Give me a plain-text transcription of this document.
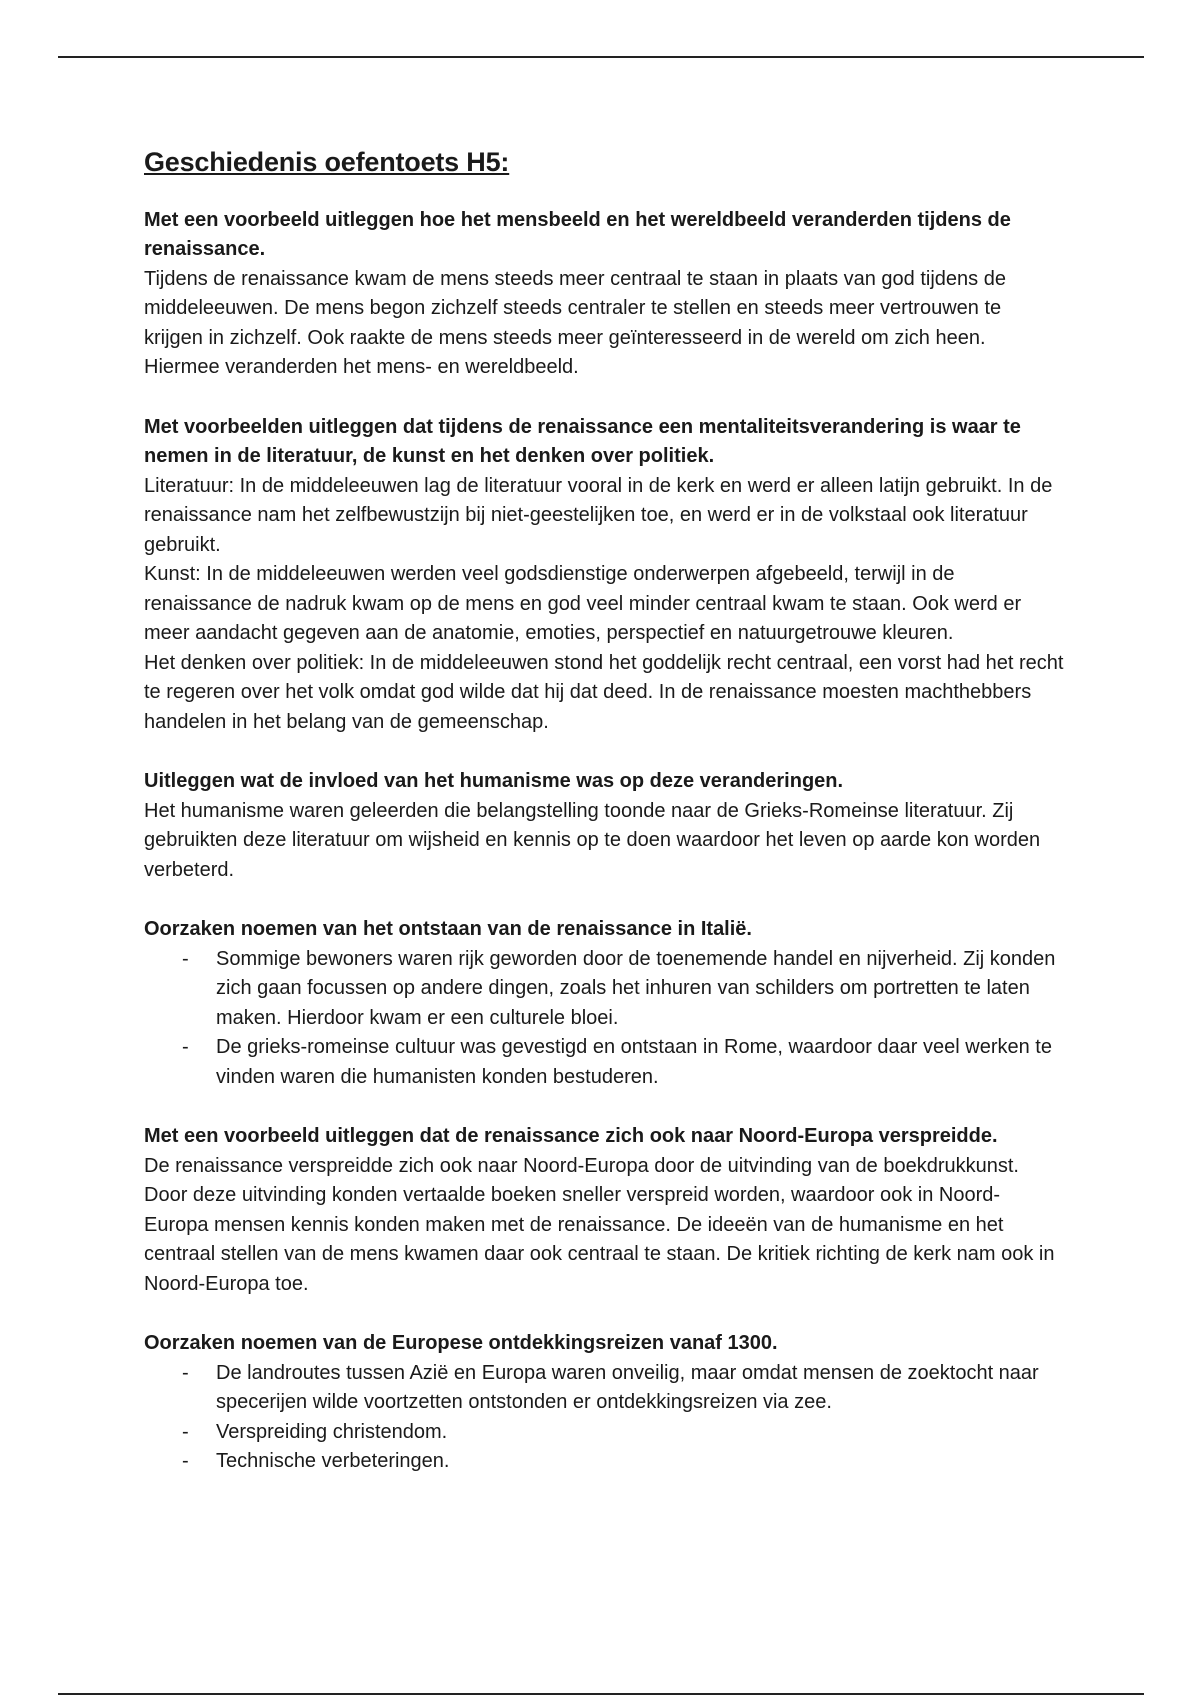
Geschiedenis oefentoets H5:

Met een voorbeeld uitleggen hoe het mensbeeld en het wereldbeeld veranderden tijdens de renaissance.

Tijdens de renaissance kwam de mens steeds meer centraal te staan in plaats van god tijdens de middeleeuwen. De mens begon zichzelf steeds centraler te stellen en steeds meer vertrouwen te krijgen in zichzelf. Ook raakte de mens steeds meer geïnteresseerd in de wereld om zich heen. Hiermee veranderden het mens- en wereldbeeld.

Met voorbeelden uitleggen dat tijdens de renaissance een mentaliteitsverandering is waar te nemen in de literatuur, de kunst en het denken over politiek.

Literatuur: In de middeleeuwen lag de literatuur vooral in de kerk en werd er alleen latijn gebruikt. In de renaissance nam het zelfbewustzijn bij niet-geestelijken toe, en werd er in de volkstaal ook literatuur gebruikt.

Kunst: In de middeleeuwen werden veel godsdienstige onderwerpen afgebeeld, terwijl in de renaissance de nadruk kwam op de mens en god veel minder centraal kwam te staan. Ook werd er meer aandacht gegeven aan de anatomie, emoties, perspectief en natuurgetrouwe kleuren.

Het denken over politiek: In de middeleeuwen stond het goddelijk recht centraal, een vorst had het recht te regeren over het volk omdat god wilde dat hij dat deed. In de renaissance moesten machthebbers handelen in het belang van de gemeenschap.

Uitleggen wat de invloed van het humanisme was op deze veranderingen.

Het humanisme waren geleerden die belangstelling toonde naar de Grieks-Romeinse literatuur. Zij gebruikten deze literatuur om wijsheid en kennis op te doen waardoor het leven op aarde kon worden verbeterd.

Oorzaken noemen van het ontstaan van de renaissance in Italië.

- Sommige bewoners waren rijk geworden door de toenemende handel en nijverheid. Zij konden zich gaan focussen op andere dingen, zoals het inhuren van schilders om portretten te laten maken. Hierdoor kwam er een culturele bloei.
- De grieks-romeinse cultuur was gevestigd en ontstaan in Rome, waardoor daar veel werken te vinden waren die humanisten konden bestuderen.

Met een voorbeeld uitleggen dat de renaissance zich ook naar Noord-Europa verspreidde.

De renaissance verspreidde zich ook naar Noord-Europa door de uitvinding van de boekdrukkunst. Door deze uitvinding konden vertaalde boeken sneller verspreid worden, waardoor ook in Noord-Europa mensen kennis konden maken met de renaissance. De ideeën van de humanisme en het centraal stellen van de mens kwamen daar ook centraal te staan. De kritiek richting de kerk nam ook in Noord-Europa toe.

Oorzaken noemen van de Europese ontdekkingsreizen vanaf 1300.

- De landroutes tussen Azië en Europa waren onveilig, maar omdat mensen de zoektocht naar specerijen wilde voortzetten ontstonden er ontdekkingsreizen via zee.
- Verspreiding christendom.
- Technische verbeteringen.
